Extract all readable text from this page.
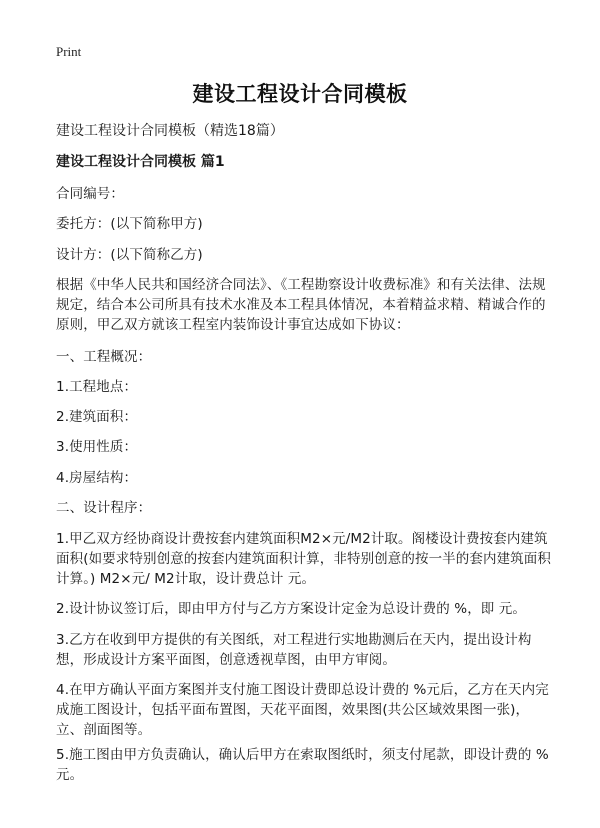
Print
建设工程设计合同模板
建设工程设计合同模板（精选18篇）
建设工程设计合同模板 篇1
合同编号：
委托方：(以下简称甲方)
设计方：(以下简称乙方)
根据《中华人民共和国经济合同法》、《工程勘察设计收费标准》和有关法律、法规规定，结合本公司所具有技术水准及本工程具体情况，本着精益求精、精诚合作的原则，甲乙双方就该工程室内装饰设计事宜达成如下协议：
一、工程概况：
1.工程地点：
2.建筑面积：
3.使用性质：
4.房屋结构：
二、设计程序：
1.甲乙双方经协商设计费按套内建筑面积M2×元/M2计取。阁楼设计费按套内建筑面积(如要求特别创意的按套内建筑面积计算，非特别创意的按一半的套内建筑面积计算。) M2×元/ M2计取，设计费总计 元。
2.设计协议签订后，即由甲方付与乙方方案设计定金为总设计费的 %，即 元。
3.乙方在收到甲方提供的有关图纸，对工程进行实地勘测后在天内，提出设计构想，形成设计方案平面图，创意透视草图，由甲方审阅。
4.在甲方确认平面方案图并支付施工图设计费即总设计费的 %元后，乙方在天内完成施工图设计，包括平面布置图，天花平面图，效果图(共公区域效果图一张)，立、剖面图等。
5.施工图由甲方负责确认，确认后甲方在索取图纸时，须支付尾款，即设计费的 %元。
